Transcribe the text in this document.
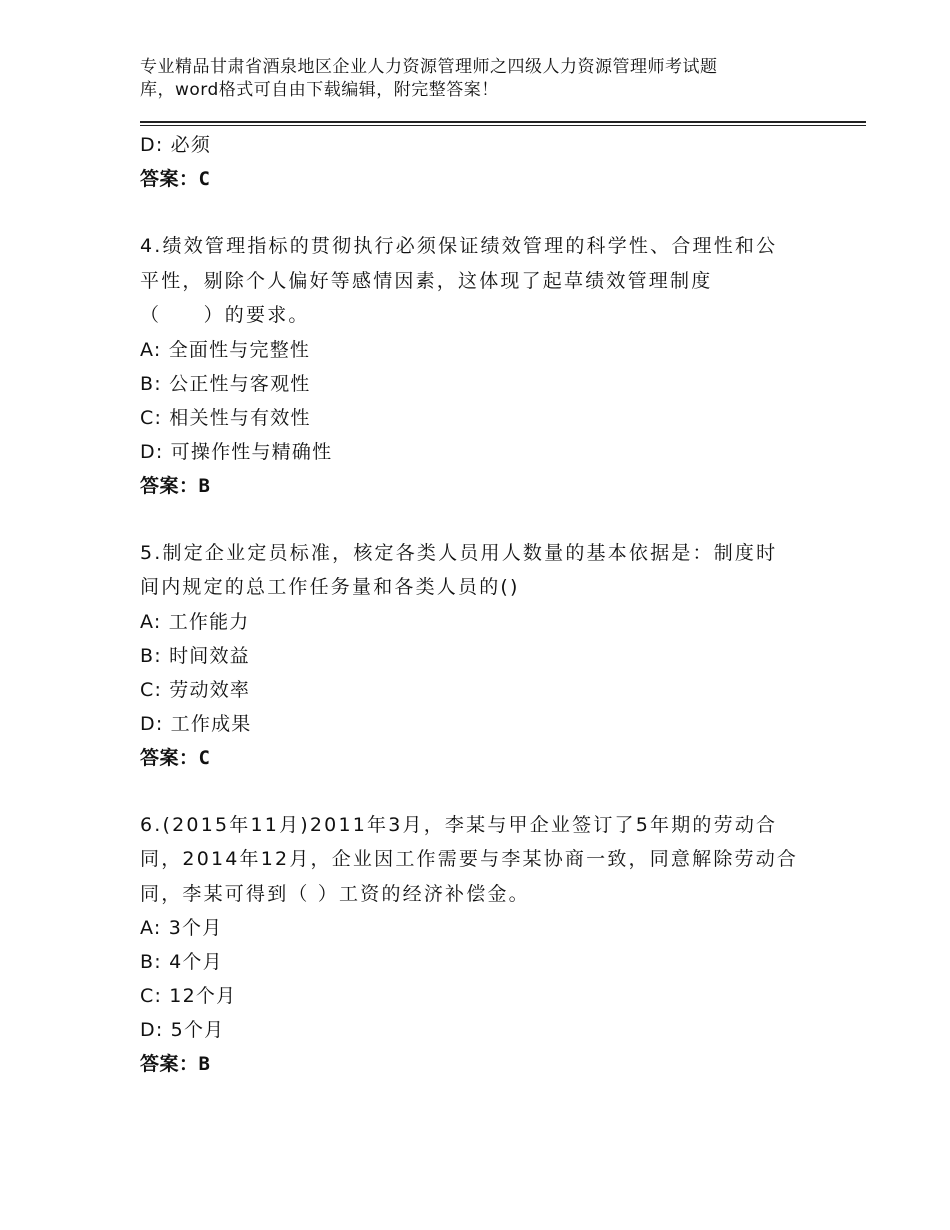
专业精品甘肃省酒泉地区企业人力资源管理师之四级人力资源管理师考试题
库，word格式可自由下载编辑，附完整答案！
D: 必须
答案：C
4.绩效管理指标的贯彻执行必须保证绩效管理的科学性、合理性和公
平性，剔除个人偏好等感情因素，这体现了起草绩效管理制度
（　　）的要求。
A: 全面性与完整性
B: 公正性与客观性
C: 相关性与有效性
D: 可操作性与精确性
答案：B
5.制定企业定员标准，核定各类人员用人数量的基本依据是：制度时
间内规定的总工作任务量和各类人员的()
A: 工作能力
B: 时间效益
C: 劳动效率
D: 工作成果
答案：C
6.(2015年11月)2011年3月，李某与甲企业签订了5年期的劳动合
同，2014年12月，企业因工作需要与李某协商一致，同意解除劳动合
同，李某可得到（ ）工资的经济补偿金。
A: 3个月
B: 4个月
C: 12个月
D: 5个月
答案：B
